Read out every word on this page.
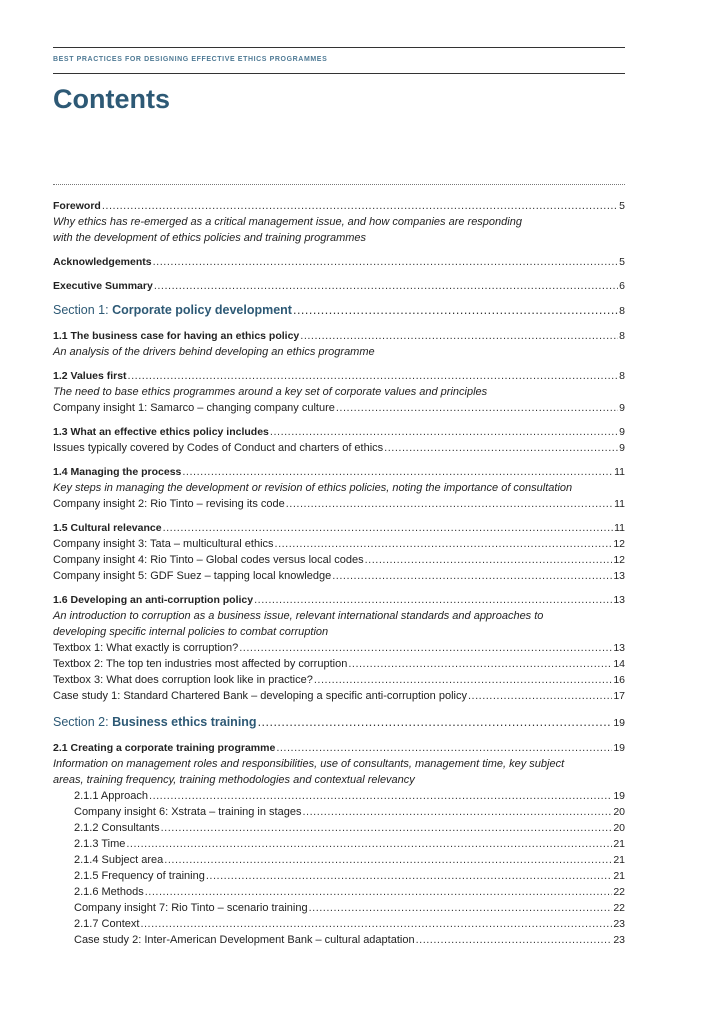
BEST PRACTICES FOR DESIGNING EFFECTIVE ETHICS PROGRAMMES
Contents
Foreword .....	5
Why ethics has re-emerged as a critical management issue, and how companies are responding
with the development of ethics policies and training programmes
Acknowledgements .....	5
Executive Summary .....	6
Section 1: Corporate policy development .....	8
1.1 The business case for having an ethics policy .....	8
An analysis of the drivers behind developing an ethics programme
1.2 Values first .....	8
The need to base ethics programmes around a key set of corporate values and principles
Company insight 1: Samarco – changing company culture .....	9
1.3 What an effective ethics policy includes .....	9
Issues typically covered by Codes of Conduct and charters of ethics .....	9
1.4 Managing the process .....	11
Key steps in managing the development or revision of ethics policies, noting the importance of consultation
Company insight 2: Rio Tinto – revising its code .....	11
1.5 Cultural relevance .....	11
Company insight 3: Tata – multicultural ethics .....	12
Company insight 4: Rio Tinto – Global codes versus local codes .....	12
Company insight 5: GDF Suez – tapping local knowledge .....	13
1.6 Developing an anti-corruption policy .....	13
An introduction to corruption as a business issue, relevant international standards and approaches to
developing specific internal policies to combat corruption
Textbox 1: What exactly is corruption? .....	13
Textbox 2: The top ten industries most affected by corruption .....	14
Textbox 3: What does corruption look like in practice? .....	16
Case study 1: Standard Chartered Bank – developing a specific anti-corruption policy .....	17
Section 2: Business ethics training .....	19
2.1 Creating a corporate training programme .....	19
Information on management roles and responsibilities, use of consultants, management time, key subject
areas, training frequency, training methodologies and contextual relevancy
2.1.1 Approach .....	19
Company insight 6: Xstrata – training in stages .....	20
2.1.2 Consultants .....	20
2.1.3 Time .....	21
2.1.4 Subject area .....	21
2.1.5 Frequency of training .....	21
2.1.6 Methods .....	22
Company insight 7: Rio Tinto – scenario training .....	22
2.1.7 Context .....	23
Case study 2: Inter-American Development Bank – cultural adaptation .....	23
